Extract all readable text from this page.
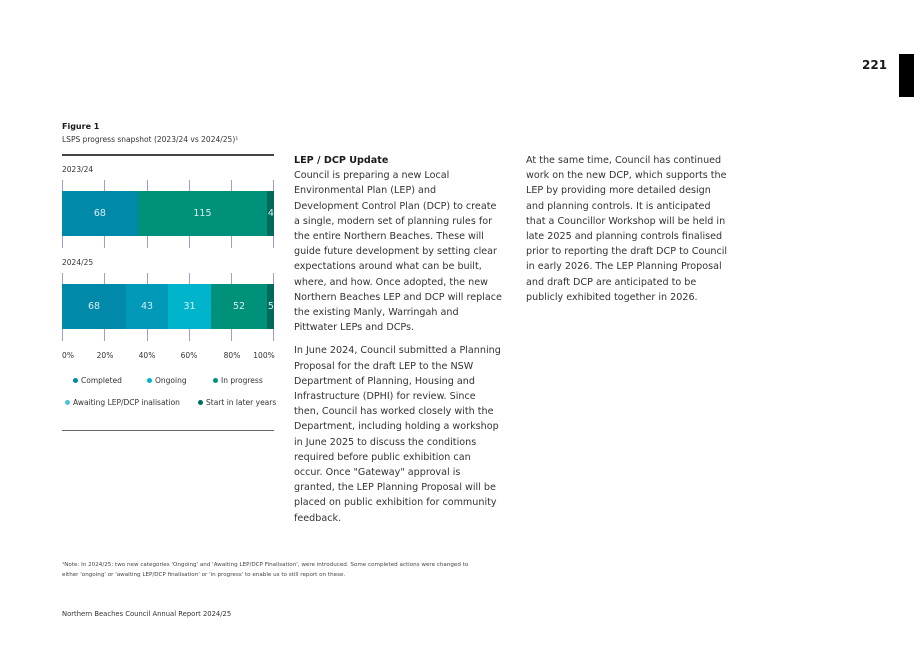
221
Figure 1
LSPS progress snapshot (2023/24 vs 2024/25)¹
2023/24
68	115	4
2024/25
68	43	31	52	5
0%	20%	40%	60%	80% 100%
Completed	Ongoing	In progress
Awaiting LEP/DCP inalisation	Start in later years
LEP / DCP Update

Council is preparing a new Local Environmental Plan (LEP) and Development Control Plan (DCP) to create a single, modern set of planning rules for the entire Northern Beaches. These will guide future development by setting clear expectations around what can be built, where, and how. Once adopted, the new Northern Beaches LEP and DCP will replace the existing Manly, Warringah and Pittwater LEPs and DCPs.

In June 2024, Council submitted a Planning Proposal for the draft LEP to the NSW Department of Planning, Housing and Infrastructure (DPHI) for review. Since then, Council has worked closely with the Department, including holding a workshop in June 2025 to discuss the conditions required before public exhibition can occur. Once "Gateway" approval is granted, the LEP Planning Proposal will be placed on public exhibition for community feedback.

At the same time, Council has continued work on the new DCP, which supports the LEP by providing more detailed design and planning controls. It is anticipated that a Councillor Workshop will be held in late 2025 and planning controls finalised prior to reporting the draft DCP to Council in early 2026. The LEP Planning Proposal and draft DCP are anticipated to be publicly exhibited together in 2026.

¹Note: In 2024/25: two new categories 'Ongoing' and 'Awaiting LEP/DCP Finalisation', were introduced. Some completed actions were changed to either 'ongoing' or 'awaiting LEP/DCP finalisation' or 'in progress' to enable us to still report on these.
Northern Beaches Council Annual Report 2024/25
